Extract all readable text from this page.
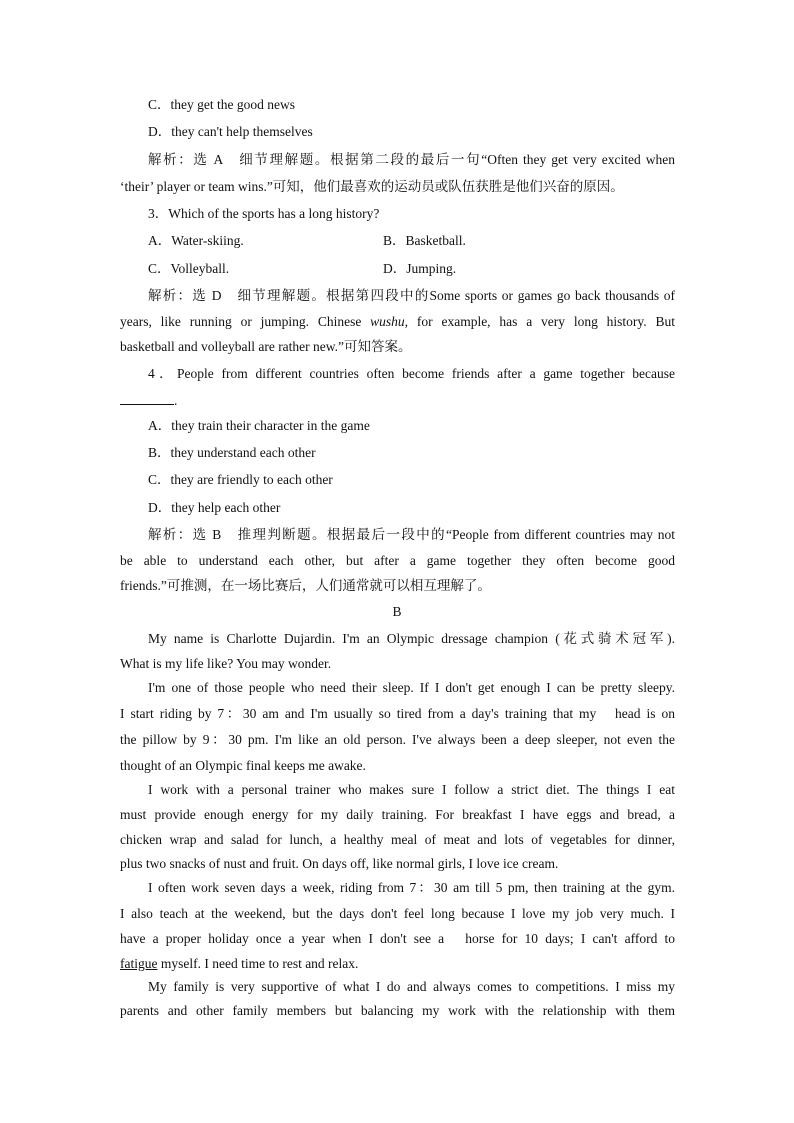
C．they get the good news
D．they can't help themselves
解析：选 A　细节理解题。根据第二段的最后一句“Often they get very excited when
‘their’ player or team wins.”可知，他们最喜欢的运动员或队伍获胜是他们兴奋的原因。
3．Which of the sports has a long history?
A．Water-skiing.	B．Basketball.
C．Volleyball.	D．Jumping.
解析：选 D　细节理解题。根据第四段中的Some sports or games go back thousands of
years, like running or jumping. Chinese wushu, for example, has a very long history. But
basketball and volleyball are rather new.”可知答案。
4．People from different countries often become friends after a game together because
.
A．they train their character in the game
B．they understand each other
C．they are friendly to each other
D．they help each other
解析：选 B　推理判断题。根据最后一段中的“People from different countries may not
be able to understand each other, but after a game together they often become good
friends.”可推测，在一场比赛后，人们通常就可以相互理解了。
B
My name is Charlotte Dujardin. I'm an Olympic dressage champion (花式骑术冠军).
What is my life like? You may wonder.
I'm one of those people who need their sleep. If I don't get enough I can be pretty sleepy.
I start riding by 7：30 am and I'm usually so tired from a day's training that my　head is on
the pillow by 9：30 pm. I'm like an old person. I've always been a deep sleeper, not even the
thought of an Olympic final keeps me awake.
I work with a personal trainer who makes sure I follow a strict diet. The things I eat
must provide enough energy for my daily training. For breakfast I have eggs and bread, a
chicken wrap and salad for lunch, a healthy meal of meat and lots of vegetables for dinner,
plus two snacks of nust and fruit. On days off, like normal girls, I love ice cream.
I often work seven days a week, riding from 7：30 am till 5 pm, then training at the gym.
I also teach at the weekend, but the days don't feel long because I love my job very much. I
have a proper holiday once a year when I don't see a　horse for 10 days; I can't afford to
fatigue myself. I need time to rest and relax.
My family is very supportive of what I do and always comes to competitions. I miss my
parents and other family members but balancing my work with the relationship with them
